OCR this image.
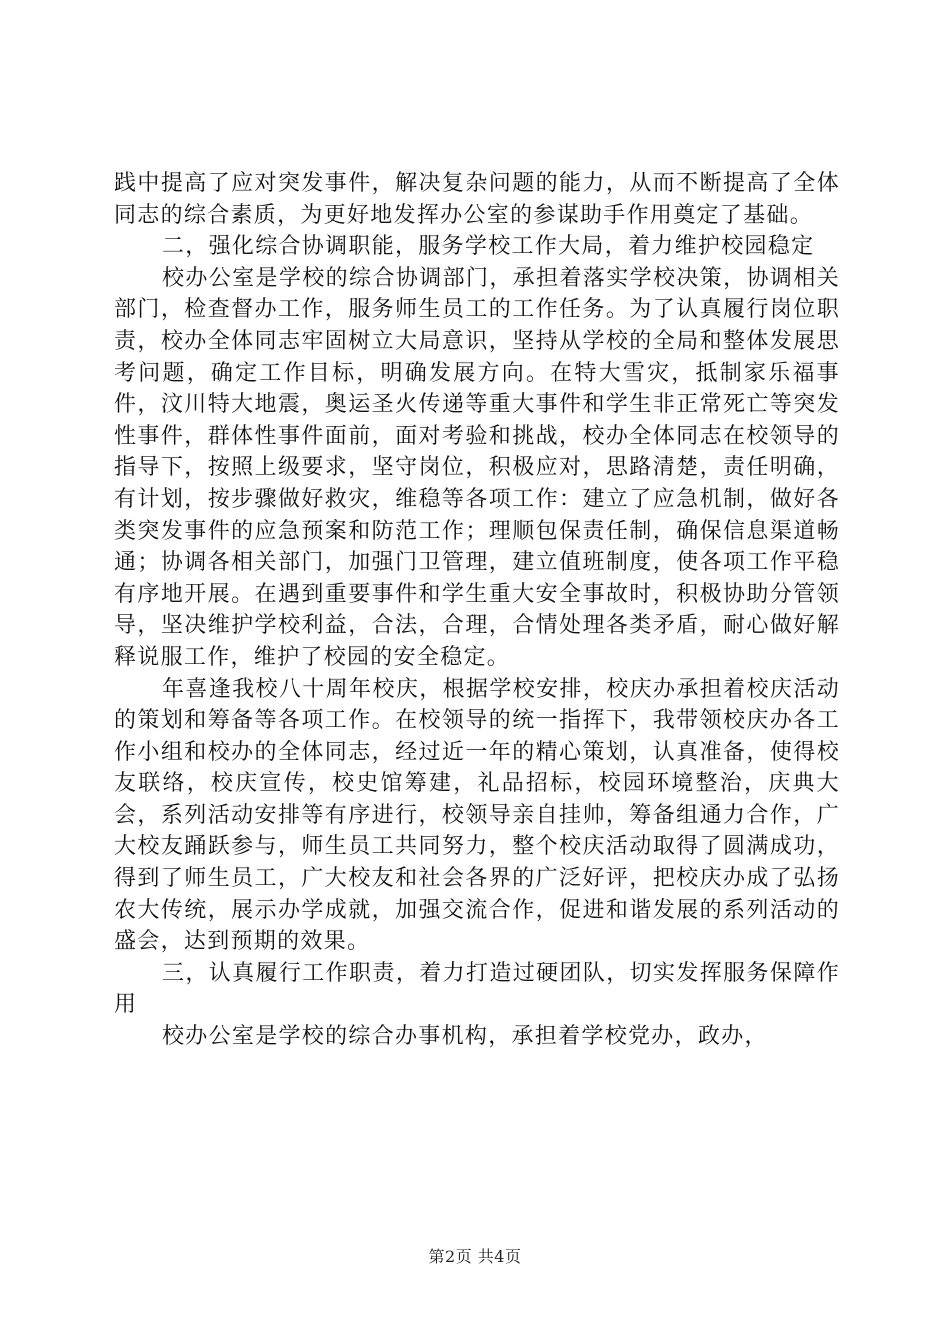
践中提高了应对突发事件，解决复杂问题的能力，从而不断提高了全体同志的综合素质，为更好地发挥办公室的参谋助手作用奠定了基础。

二，强化综合协调职能，服务学校工作大局，着力维护校园稳定

校办公室是学校的综合协调部门，承担着落实学校决策，协调相关部门，检查督办工作，服务师生员工的工作任务。为了认真履行岗位职责，校办全体同志牢固树立大局意识，坚持从学校的全局和整体发展思考问题，确定工作目标，明确发展方向。在特大雪灾，抵制家乐福事件，汶川特大地震，奥运圣火传递等重大事件和学生非正常死亡等突发性事件，群体性事件面前，面对考验和挑战，校办全体同志在校领导的指导下，按照上级要求，坚守岗位，积极应对，思路清楚，责任明确，有计划，按步骤做好救灾，维稳等各项工作：建立了应急机制，做好各类突发事件的应急预案和防范工作；理顺包保责任制，确保信息渠道畅通；协调各相关部门，加强门卫管理，建立值班制度，使各项工作平稳有序地开展。在遇到重要事件和学生重大安全事故时，积极协助分管领导，坚决维护学校利益，合法，合理，合情处理各类矛盾，耐心做好解释说服工作，维护了校园的安全稳定。

年喜逢我校八十周年校庆，根据学校安排，校庆办承担着校庆活动的策划和筹备等各项工作。在校领导的统一指挥下，我带领校庆办各工作小组和校办的全体同志，经过近一年的精心策划，认真准备，使得校友联络，校庆宣传，校史馆筹建，礼品招标，校园环境整治，庆典大会，系列活动安排等有序进行，校领导亲自挂帅，筹备组通力合作，广大校友踊跃参与，师生员工共同努力，整个校庆活动取得了圆满成功，得到了师生员工，广大校友和社会各界的广泛好评，把校庆办成了弘扬农大传统，展示办学成就，加强交流合作，促进和谐发展的系列活动的盛会，达到预期的效果。

三，认真履行工作职责，着力打造过硬团队，切实发挥服务保障作用

校办公室是学校的综合办事机构，承担着学校党办，政办，

第2页 共4页
